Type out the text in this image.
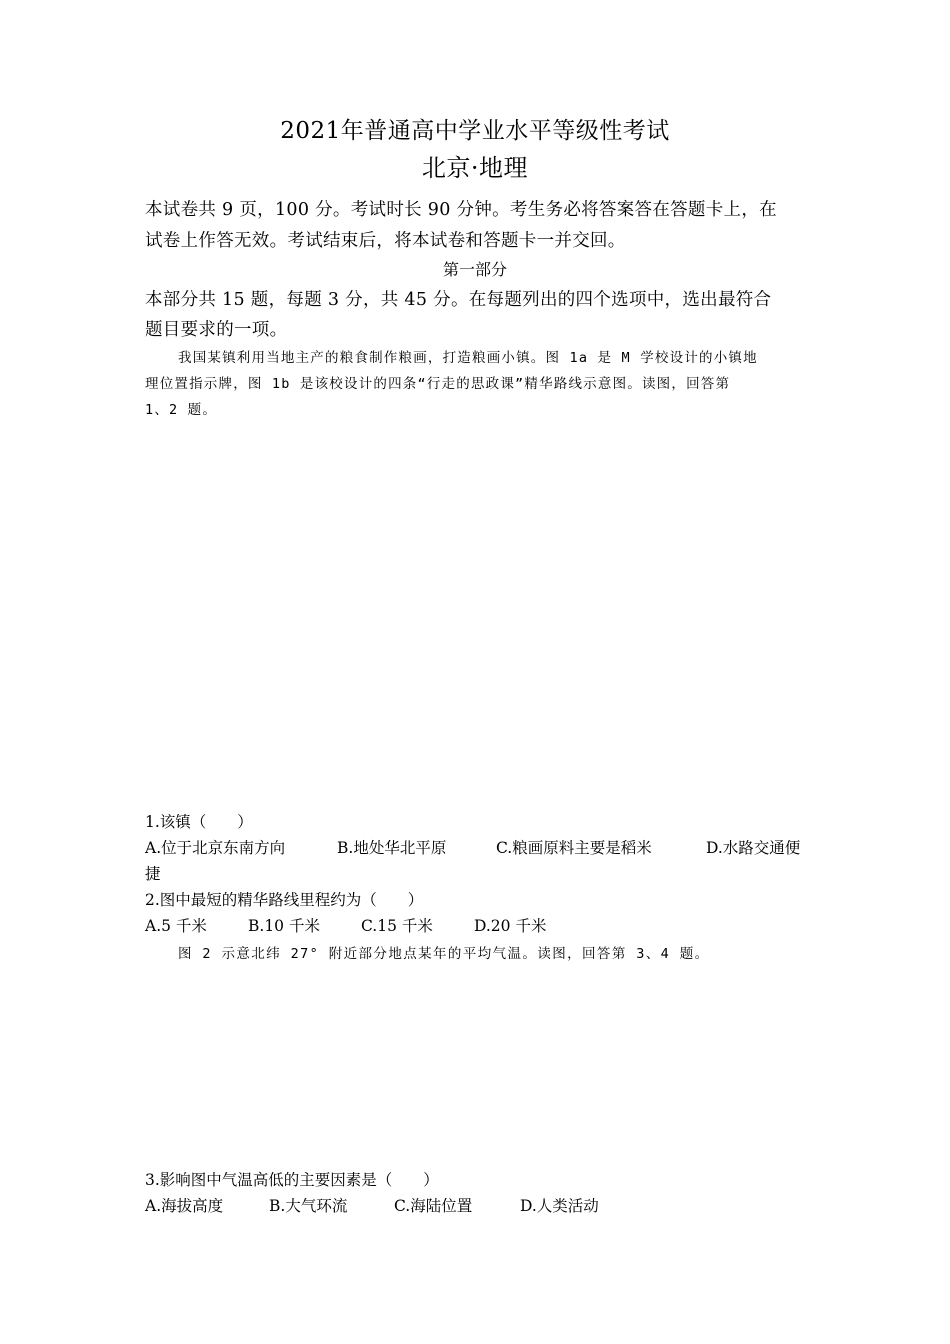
2021年普通高中学业水平等级性考试
北京·地理
本试卷共 9 页，100 分。考试时长 90 分钟。考生务必将答案答在答题卡上，在
试卷上作答无效。考试结束后，将本试卷和答题卡一并交回。
第一部分
本部分共 15 题，每题 3 分，共 45 分。在每题列出的四个选项中，选出最符合
题目要求的一项。
我国某镇利用当地主产的粮食制作粮画，打造粮画小镇。图 1a 是 M 学校设计的小镇地
理位置指示牌，图 1b 是该校设计的四条“行走的思政课”精华路线示意图。读图，回答第
1、2 题。
1.该镇（　　）
A.位于北京东南方向	B.地处华北平原	C.粮画原料主要是稻米	D.水路交通便
捷
2.图中最短的精华路线里程约为（　　）
A.5 千米	B.10 千米	C.15 千米	D.20 千米
图 2 示意北纬 27° 附近部分地点某年的平均气温。读图，回答第 3、4 题。
3.影响图中气温高低的主要因素是（　　）
A.海拔高度	B.大气环流	C.海陆位置	D.人类活动
